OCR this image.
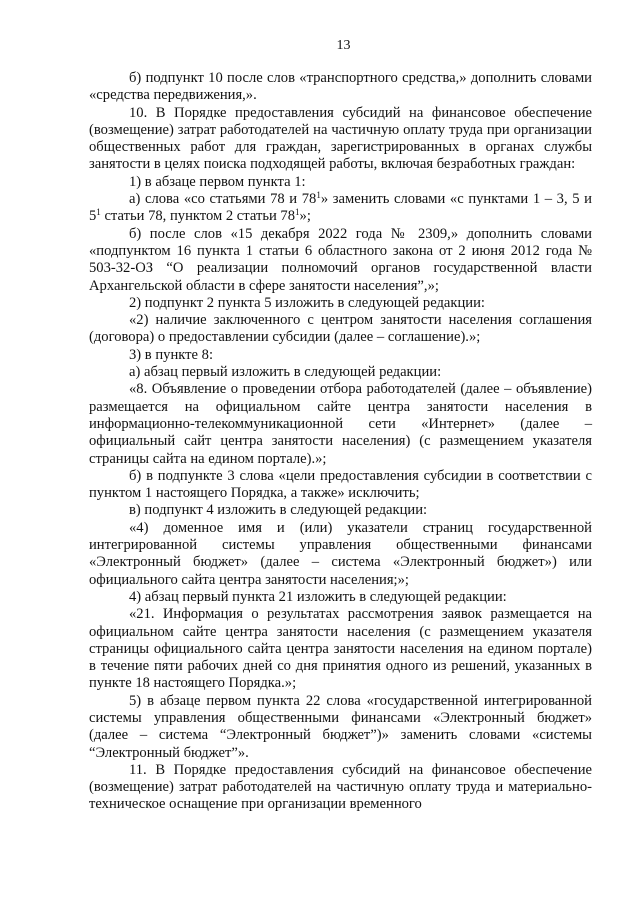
13

б) подпункт 10 после слов «транспортного средства,» дополнить словами «средства передвижения,».

10. В Порядке предоставления субсидий на финансовое обеспечение (возмещение) затрат работодателей на частичную оплату труда при организации общественных работ для граждан, зарегистрированных в органах службы занятости в целях поиска подходящей работы, включая безработных граждан:

1) в абзаце первом пункта 1:

а) слова «со статьями 78 и $78^1$» заменить словами «с пунктами 1 – 3, 5 и $5^1$ статьи 78, пунктом 2 статьи $78^1$»;

б) после слов «15 декабря 2022 года № 2309,» дополнить словами «подпунктом 16 пункта 1 статьи 6 областного закона от 2 июня 2012 года № 503-32-ОЗ “О реализации полномочий органов государственной власти Архангельской области в сфере занятости населения”,»;

2) подпункт 2 пункта 5 изложить в следующей редакции:

«2) наличие заключенного с центром занятости населения соглашения (договора) о предоставлении субсидии (далее – соглашение).»;

3) в пункте 8:

а) абзац первый изложить в следующей редакции:

«8. Объявление о проведении отбора работодателей (далее – объявление) размещается на официальном сайте центра занятости населения в информационно-телекоммуникационной сети «Интернет» (далее – официальный сайт центра занятости населения) (с размещением указателя страницы сайта на едином портале).»;

б) в подпункте 3 слова «цели предоставления субсидии в соответствии с пунктом 1 настоящего Порядка, а также» исключить;

в) подпункт 4 изложить в следующей редакции:

«4) доменное имя и (или) указатели страниц государственной интегрированной системы управления общественными финансами «Электронный бюджет» (далее – система «Электронный бюджет») или официального сайта центра занятости населения;»;

4) абзац первый пункта 21 изложить в следующей редакции:

«21. Информация о результатах рассмотрения заявок размещается на официальном сайте центра занятости населения (с размещением указателя страницы официального сайта центра занятости населения на едином портале) в течение пяти рабочих дней со дня принятия одного из решений, указанных в пункте 18 настоящего Порядка.»;

5) в абзаце первом пункта 22 слова «государственной интегрированной системы управления общественными финансами «Электронный бюджет» (далее – система “Электронный бюджет”)» заменить словами «системы “Электронный бюджет”».

11. В Порядке предоставления субсидий на финансовое обеспечение (возмещение) затрат работодателей на частичную оплату труда и материально-техническое оснащение при организации временного
